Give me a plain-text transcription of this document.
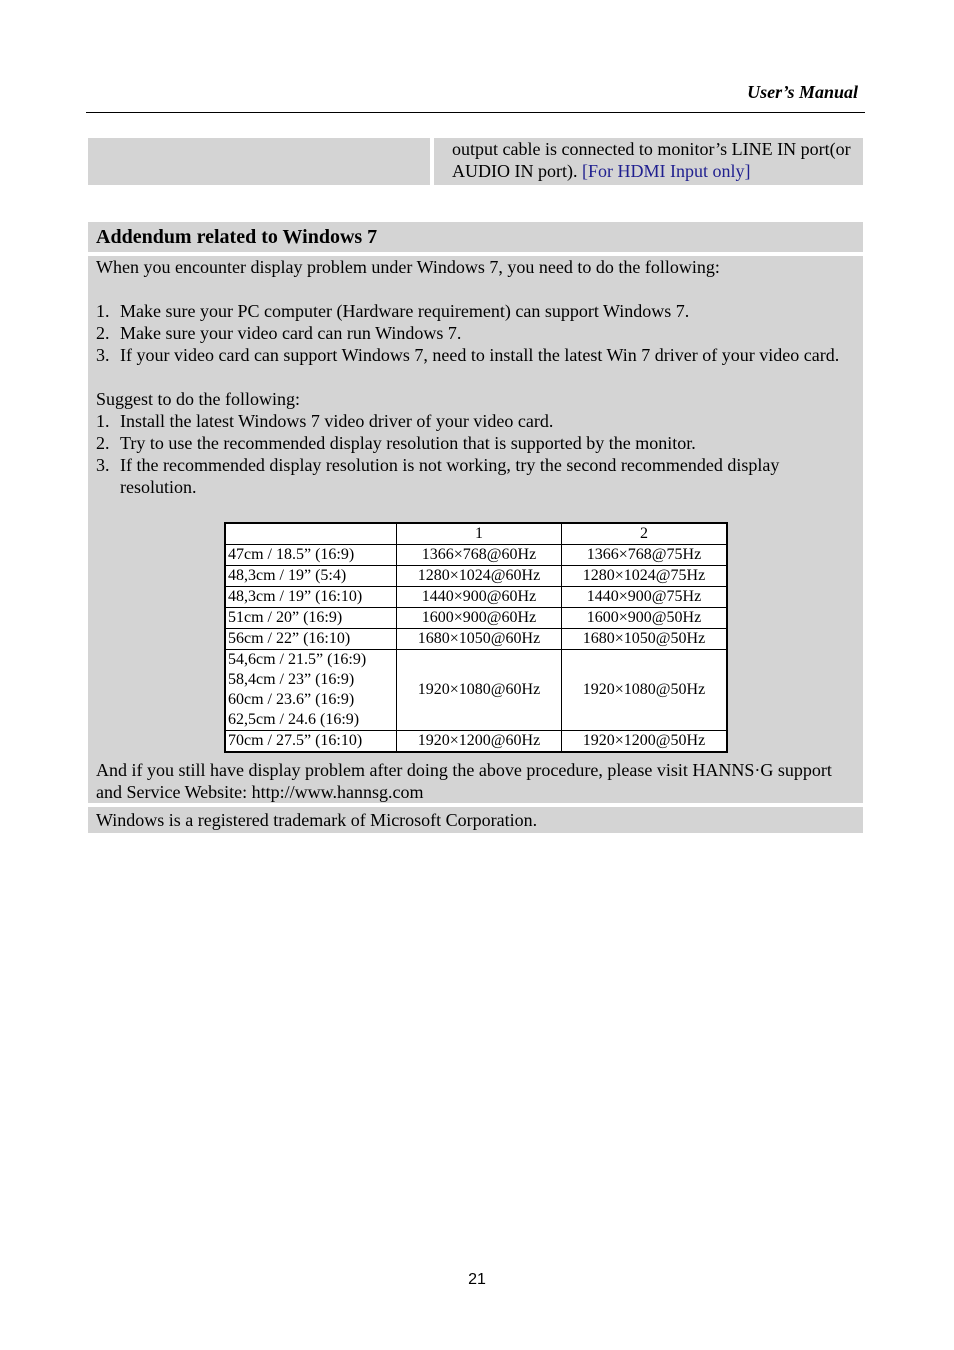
User’s Manual
output cable is connected to monitor’s LINE IN port(or AUDIO IN port). [For HDMI Input only]
Addendum related to Windows 7

When you encounter display problem under Windows 7, you need to do the following:

1. Make sure your PC computer (Hardware requirement) can support Windows 7.
2. Make sure your video card can run Windows 7.
3. If your video card can support Windows 7, need to install the latest Win 7 driver of your video card.

Suggest to do the following:

1. Install the latest Windows 7 video driver of your video card.
2. Try to use the recommended display resolution that is supported by the monitor.
3. If the recommended display resolution is not working, try the second recommended display resolution.
	1	2
47cm / 18.5” (16:9)	1366×768@60Hz	1366×768@75Hz
48,3cm / 19” (5:4)	1280×1024@60Hz	1280×1024@75Hz
48,3cm / 19” (16:10)	1440×900@60Hz	1440×900@75Hz
51cm / 20” (16:9)	1600×900@60Hz	1600×900@50Hz
56cm / 22” (16:10)	1680×1050@60Hz	1680×1050@50Hz

54,6cm / 21.5” (16:9)
58,4cm / 23” (16:9)
60cm / 23.6” (16:9)
62,5cm / 24.6 (16:9)	1920×1080@60Hz	1920×1080@50Hz
70cm / 27.5” (16:10)	1920×1200@60Hz	1920×1200@50Hz

And if you still have display problem after doing the above procedure, please visit HANNS·G support and Service Website: http://www.hannsg.com

Windows is a registered trademark of Microsoft Corporation.
21
